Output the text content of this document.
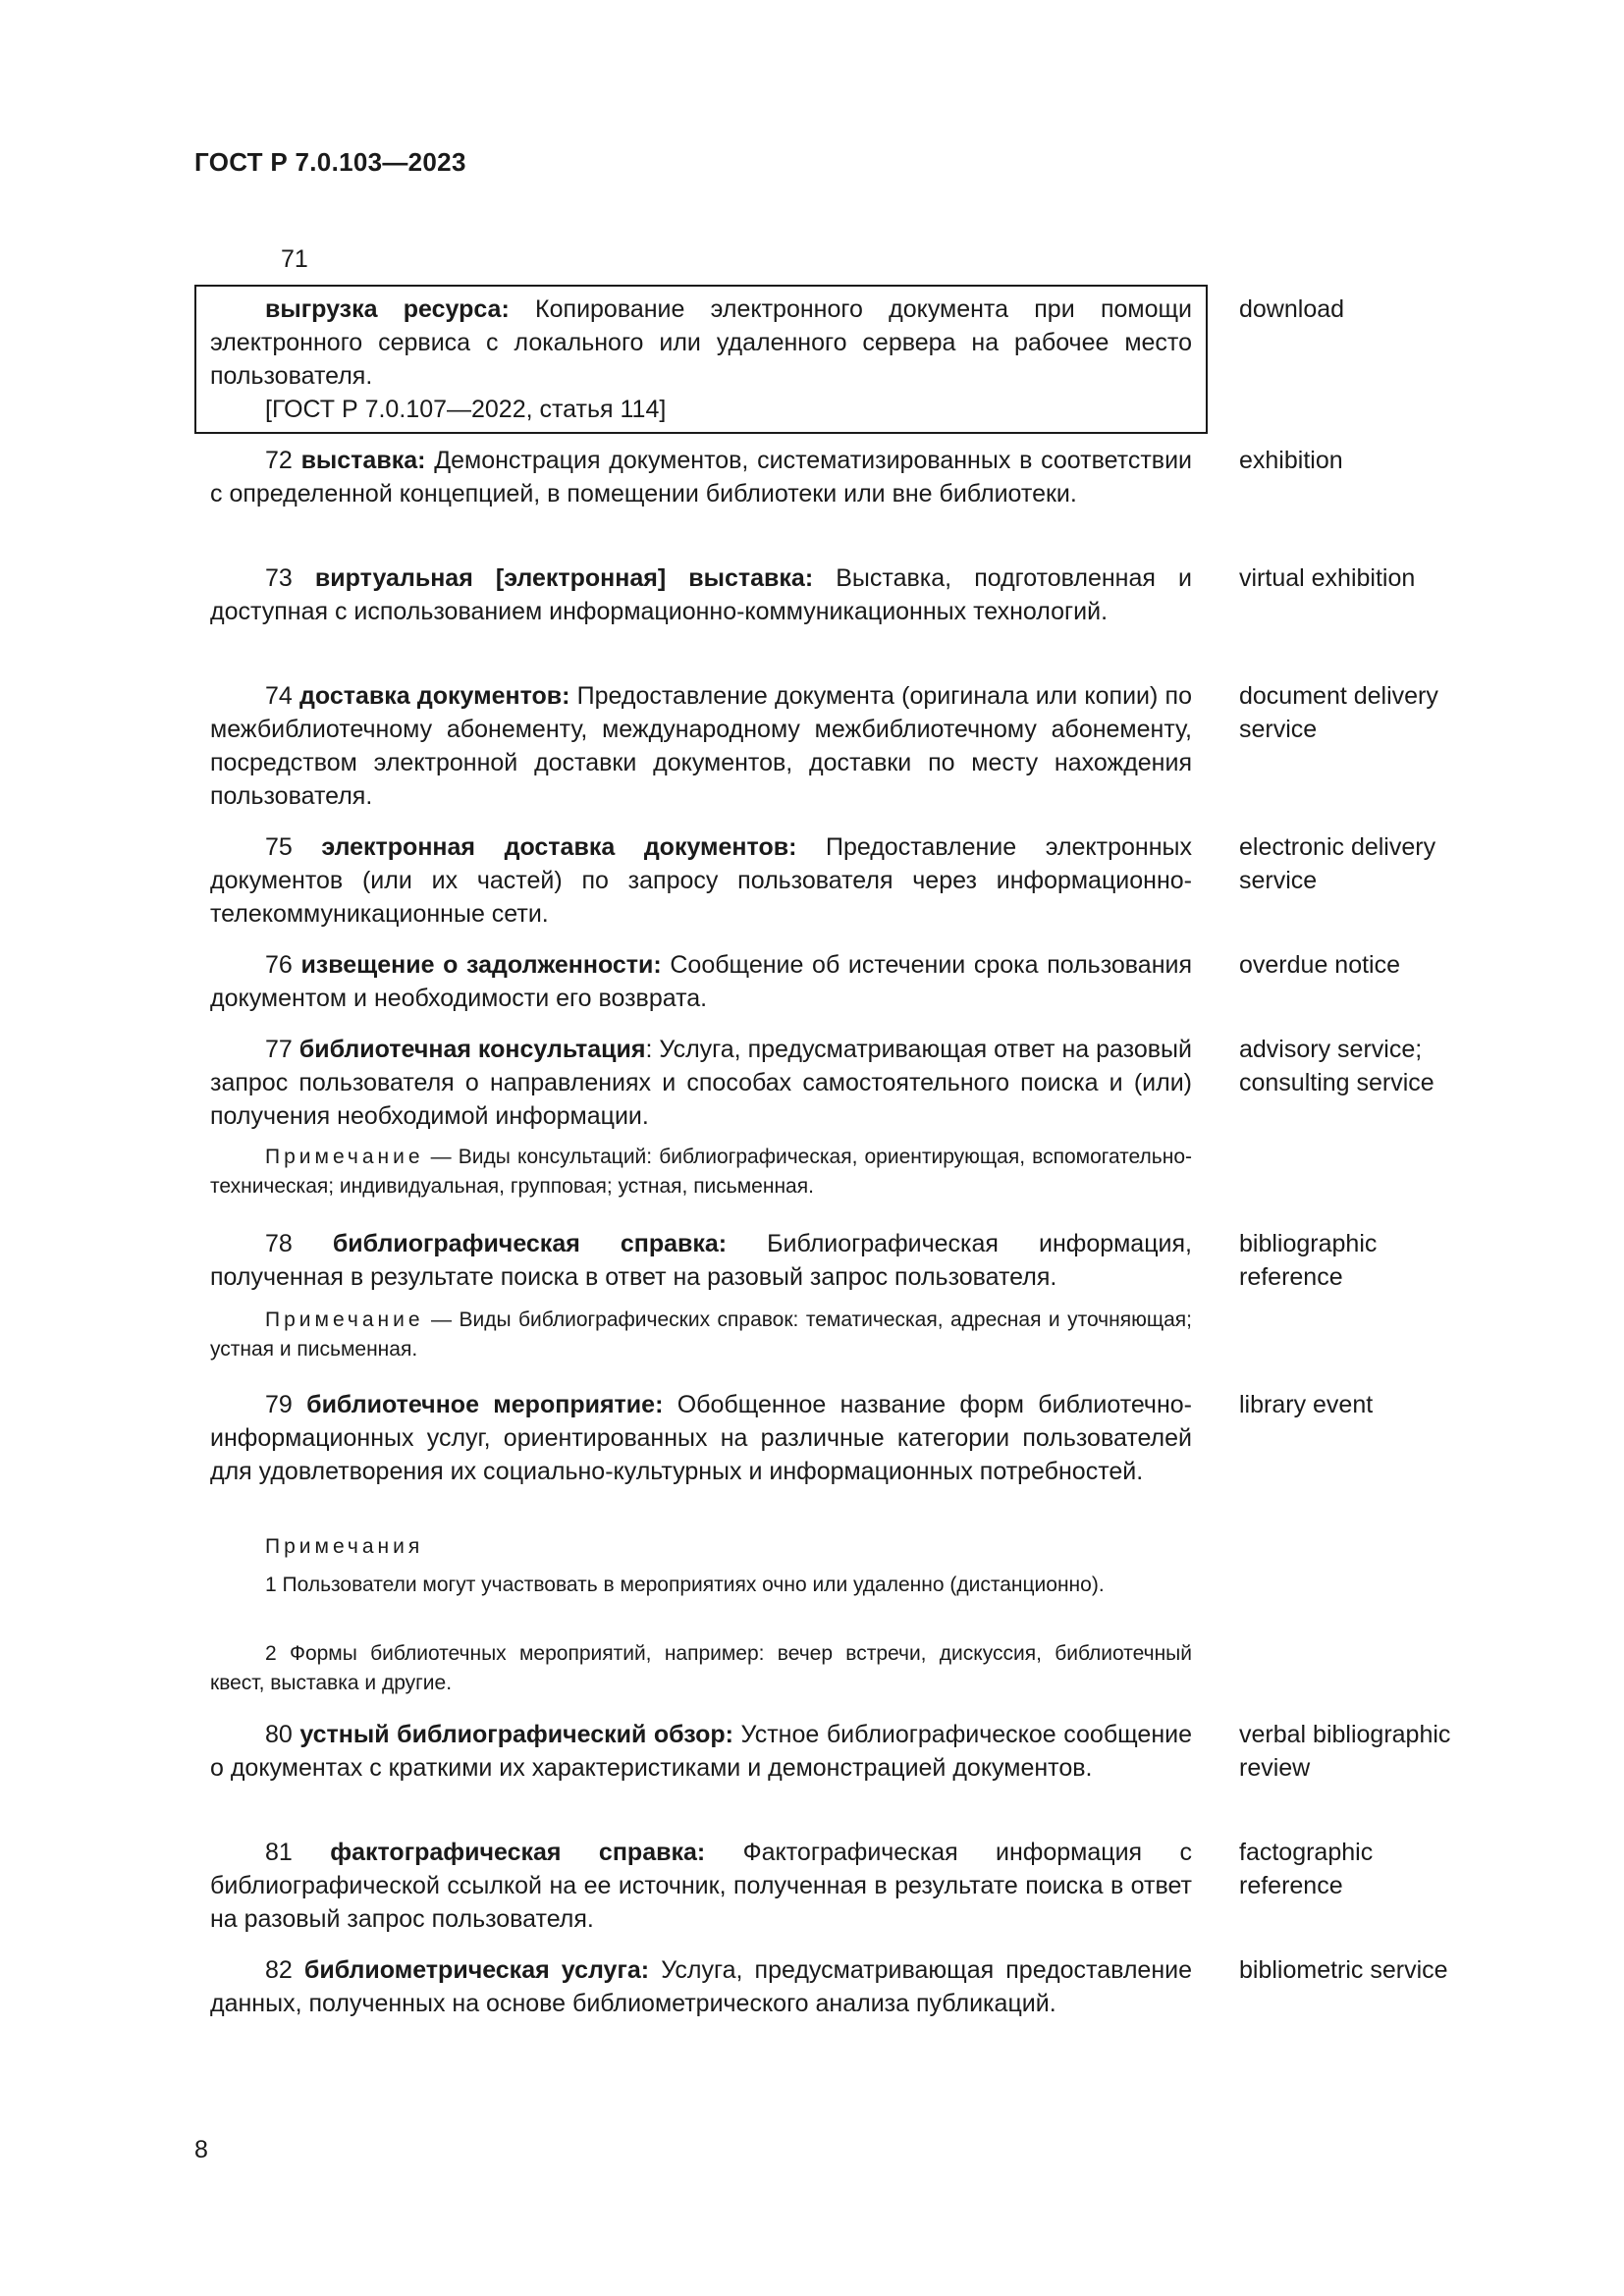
ГОСТ Р 7.0.103—2023
71

выгрузка ресурса: Копирование электронного документа при помощи электронного сервиса с локального или удаленного сервера на рабочее место пользователя.

[ГОСТ Р 7.0.107—2022, статья 114]

download

72 выставка: Демонстрация документов, систематизированных в соответствии с определенной концепцией, в помещении библиотеки или вне библиотеки.

exhibition

73 виртуальная [электронная] выставка: Выставка, подготовленная и доступная с использованием информационно-коммуникационных технологий.

virtual exhibition

74 доставка документов: Предоставление документа (оригинала или копии) по межбиблиотечному абонементу, международному межбиблиотечному абонементу, посредством электронной доставки документов, доставки по месту нахождения пользователя.

document delivery service

75 электронная доставка документов: Предоставление электронных документов (или их частей) по запросу пользователя через информационно-телекоммуникационные сети.

electronic delivery service

76 извещение о задолженности: Сообщение об истечении срока пользования документом и необходимости его возврата.

overdue notice

77 библиотечная консультация: Услуга, предусматривающая ответ на разовый запрос пользователя о направлениях и способах самостоятельного поиска и (или) получения необходимой информации.

advisory service;
consulting service

Примечание — Виды консультаций: библиографическая, ориентирующая, вспомогательно-техническая; индивидуальная, групповая; устная, письменная.

78 библиографическая справка: Библиографическая информация, полученная в результате поиска в ответ на разовый запрос пользователя.

bibliographic reference

Примечание — Виды библиографических справок: тематическая, адресная и уточняющая; устная и письменная.

79 библиотечное мероприятие: Обобщенное название форм библиотечно-информационных услуг, ориентированных на различные категории пользователей для удовлетворения их социально-культурных и информационных потребностей.

library event
Примечания

1 Пользователи могут участвовать в мероприятиях очно или удаленно (дистанционно).

2 Формы библиотечных мероприятий, например: вечер встречи, дискуссия, библиотечный квест, выставка и другие.

80 устный библиографический обзор: Устное библиографическое сообщение о документах с краткими их характеристиками и демонстрацией документов.

verbal bibliographic review

81 фактографическая справка: Фактографическая информация с библиографической ссылкой на ее источник, полученная в результате поиска в ответ на разовый запрос пользователя.

factographic reference

82 библиометрическая услуга: Услуга, предусматривающая предоставление данных, полученных на основе библиометрического анализа публикаций.

bibliometric service
8
